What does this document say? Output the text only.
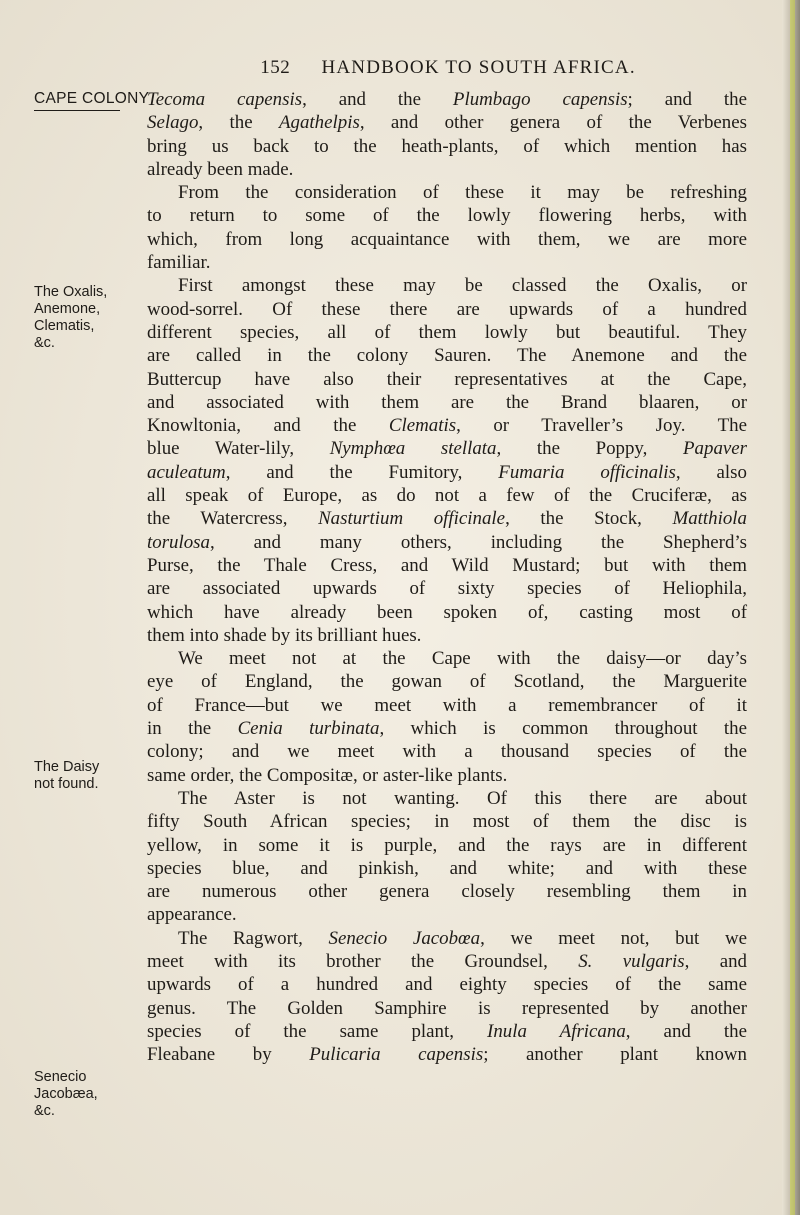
152 HANDBOOK TO SOUTH AFRICA.
CAPE COLONY
The Oxalis,
Anemone,
Clematis,
&c.
The Daisy
not found.
Senecio
Jacobæa,
&c.
Tecoma capensis, and the Plumbago capensis; and the
Selago, the Agathelpis, and other genera of the Verbenes
bring us back to the heath-plants, of which mention has
already been made.
From the consideration of these it may be refreshing
to return to some of the lowly flowering herbs, with
which, from long acquaintance with them, we are more
familiar.
First amongst these may be classed the Oxalis, or
wood-sorrel. Of these there are upwards of a hundred
different species, all of them lowly but beautiful. They
are called in the colony Sauren. The Anemone and the
Buttercup have also their representatives at the Cape,
and associated with them are the Brand blaaren, or
Knowltonia, and the Clematis, or Traveller’s Joy. The
blue Water-lily, Nymphœa stellata, the Poppy, Papaver
aculeatum, and the Fumitory, Fumaria officinalis, also
all speak of Europe, as do not a few of the Cruciferæ, as
the Watercress, Nasturtium officinale, the Stock, Matthiola
torulosa, and many others, including the Shepherd’s
Purse, the Thale Cress, and Wild Mustard; but with them
are associated upwards of sixty species of Heliophila,
which have already been spoken of, casting most of
them into shade by its brilliant hues.
We meet not at the Cape with the daisy—or day’s
eye of England, the gowan of Scotland, the Marguerite
of France—but we meet with a remembrancer of it
in the Cenia turbinata, which is common throughout the
colony; and we meet with a thousand species of the
same order, the Compositæ, or aster-like plants.
The Aster is not wanting. Of this there are about
fifty South African species; in most of them the disc is
yellow, in some it is purple, and the rays are in different
species blue, and pinkish, and white; and with these
are numerous other genera closely resembling them in
appearance.
The Ragwort, Senecio Jacobœa, we meet not, but we
meet with its brother the Groundsel, S. vulgaris, and
upwards of a hundred and eighty species of the same
genus. The Golden Samphire is represented by another
species of the same plant, Inula Africana, and the
Fleabane by Pulicaria capensis; another plant known
